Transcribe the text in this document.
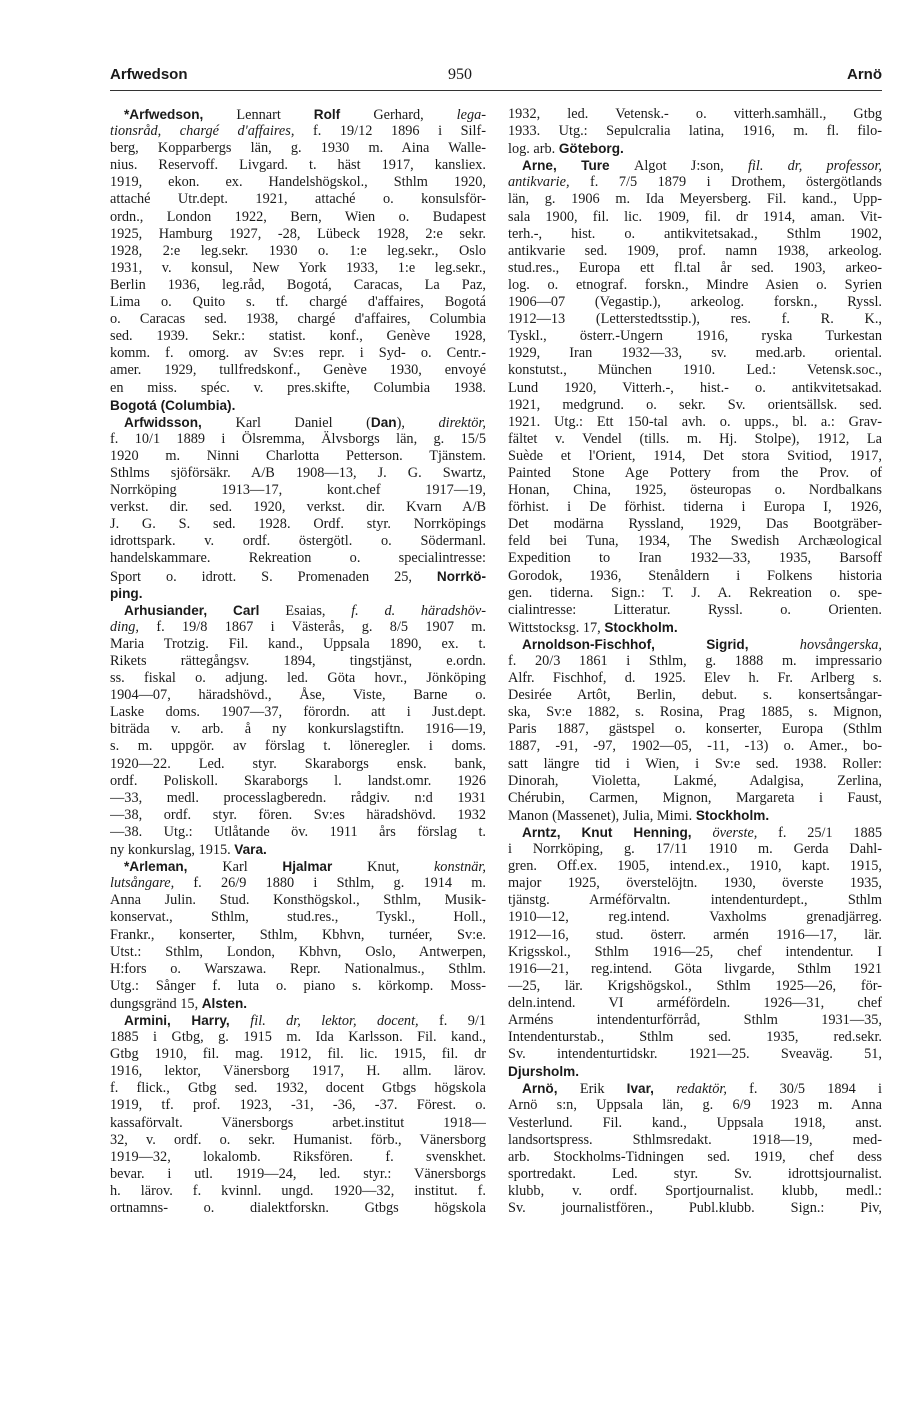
Arfwedson	950	Arnö
*Arfwedson, Lennart Rolf Gerhard, lega-
tionsråd, chargé d'affaires, f. 19/12 1896 i Silf-
berg, Kopparbergs län, g. 1930 m. Aina Walle-
nius. Reservoff. Livgard. t. häst 1917, kansliex.
1919, ekon. ex. Handelshögskol., Sthlm 1920,
attaché Utr.dept. 1921, attaché o. konsulsför-
ordn., London 1922, Bern, Wien o. Budapest
1925, Hamburg 1927, -28, Lübeck 1928, 2:e sekr.
1928, 2:e leg.sekr. 1930 o. 1:e leg.sekr., Oslo
1931, v. konsul, New York 1933, 1:e leg.sekr.,
Berlin 1936, leg.råd, Bogotá, Caracas, La Paz,
Lima o. Quito s. tf. chargé d'affaires, Bogotá
o. Caracas sed. 1938, chargé d'affaires, Columbia
sed. 1939. Sekr.: statist. konf., Genève 1928,
komm. f. omorg. av Sv:es repr. i Syd- o. Centr.-
amer. 1929, tullfredskonf., Genève 1930, envoyé
en miss. spéc. v. pres.skifte, Columbia 1938.
Bogotá (Columbia).
Arfwidsson, Karl Daniel (Dan), direktör,
f. 10/1 1889 i Ölsremma, Älvsborgs län, g. 15/5
1920 m. Ninni Charlotta Petterson. Tjänstem.
Sthlms sjöförsäkr. A/B 1908—13, J. G. Swartz,
Norrköping 1913—17, kont.chef 1917—19,
verkst. dir. sed. 1920, verkst. dir. Kvarn A/B
J. G. S. sed. 1928. Ordf. styr. Norrköpings
idrottspark. v. ordf. östergötl. o. Södermanl.
handelskammare. Rekreation o. specialintresse:
Sport o. idrott. S. Promenaden 25, Norrkö-
ping.
Arhusiander, Carl Esaias, f. d. häradshöv-
ding, f. 19/8 1867 i Västerås, g. 8/5 1907 m.
Maria Trotzig. Fil. kand., Uppsala 1890, ex. t.
Rikets rättegångsv. 1894, tingstjänst, e.ordn.
ss. fiskal o. adjung. led. Göta hovr., Jönköping
1904—07, häradshövd., Åse, Viste, Barne o.
Laske doms. 1907—37, förordn. att i Just.dept.
biträda v. arb. å ny konkurslagstiftn. 1916—19,
s. m. uppgör. av förslag t. löneregler. i doms.
1920—22. Led. styr. Skaraborgs ensk. bank,
ordf. Poliskoll. Skaraborgs l. landst.omr. 1926
—33, medl. processlagberedn. rådgiv. n:d 1931
—38, ordf. styr. fören. Sv:es häradshövd. 1932
—38. Utg.: Utlåtande öv. 1911 års förslag t.
ny konkurslag, 1915. Vara.
*Arleman, Karl Hjalmar Knut, konstnär,
lutsångare, f. 26/9 1880 i Sthlm, g. 1914 m.
Anna Julin. Stud. Konsthögskol., Sthlm, Musik-
konservat., Sthlm, stud.res., Tyskl., Holl.,
Frankr., konserter, Sthlm, Kbhvn, turnéer, Sv:e.
Utst.: Sthlm, London, Kbhvn, Oslo, Antwerpen,
H:fors o. Warszawa. Repr. Nationalmus., Sthlm.
Utg.: Sånger f. luta o. piano s. körkomp. Moss-
dungsgränd 15, Alsten.
Armini, Harry, fil. dr, lektor, docent, f. 9/1
1885 i Gtbg, g. 1915 m. Ida Karlsson. Fil. kand.,
Gtbg 1910, fil. mag. 1912, fil. lic. 1915, fil. dr
1916, lektor, Vänersborg 1917, H. allm. lärov.
f. flick., Gtbg sed. 1932, docent Gtbgs högskola
1919, tf. prof. 1923, -31, -36, -37. Förest. o.
kassaförvalt. Vänersborgs arbet.institut 1918—
32, v. ordf. o. sekr. Humanist. förb., Vänersborg
1919—32, lokalomb. Riksfören. f. svenskhet.
bevar. i utl. 1919—24, led. styr.: Vänersborgs
h. lärov. f. kvinnl. ungd. 1920—32, institut. f.
ortnamns- o. dialektforskn. Gtbgs högskola
1932, led. Vetensk.- o. vitterh.samhäll., Gtbg
1933. Utg.: Sepulcralia latina, 1916, m. fl. filo-
log. arb. Göteborg.
Arne, Ture Algot J:son, fil. dr, professor,
antikvarie, f. 7/5 1879 i Drothem, östergötlands
län, g. 1906 m. Ida Meyersberg. Fil. kand., Upp-
sala 1900, fil. lic. 1909, fil. dr 1914, aman. Vit-
terh.-, hist. o. antikvitetsakad., Sthlm 1902,
antikvarie sed. 1909, prof. namn 1938, arkeolog.
stud.res., Europa ett fl.tal år sed. 1903, arkeo-
log. o. etnograf. forskn., Mindre Asien o. Syrien
1906—07 (Vegastip.), arkeolog. forskn., Ryssl.
1912—13 (Letterstedtsstip.), res. f. R. K.,
Tyskl., österr.-Ungern 1916, ryska Turkestan
1929, Iran 1932—33, sv. med.arb. oriental.
konstutst., München 1910. Led.: Vetensk.soc.,
Lund 1920, Vitterh.-, hist.- o. antikvitetsakad.
1921, medgrund. o. sekr. Sv. orientsällsk. sed.
1921. Utg.: Ett 150-tal avh. o. upps., bl. a.: Grav-
fältet v. Vendel (tills. m. Hj. Stolpe), 1912, La
Suède et l'Orient, 1914, Det stora Svitiod, 1917,
Painted Stone Age Pottery from the Prov. of
Honan, China, 1925, östeuropas o. Nordbalkans
förhist. i De förhist. tiderna i Europa I, 1926,
Det modärna Ryssland, 1929, Das Bootgräber-
feld bei Tuna, 1934, The Swedish Archæological
Expedition to Iran 1932—33, 1935, Barsoff
Gorodok, 1936, Stenåldern i Folkens historia
gen. tiderna. Sign.: T. J. A. Rekreation o. spe-
cialintresse: Litteratur. Ryssl. o. Orienten.
Wittstocksg. 17, Stockholm.
Arnoldson-Fischhof, Sigrid, hovsångerska,
f. 20/3 1861 i Sthlm, g. 1888 m. impressario
Alfr. Fischhof, d. 1925. Elev h. Fr. Arlberg s.
Desirée Artôt, Berlin, debut. s. konsertsångar-
ska, Sv:e 1882, s. Rosina, Prag 1885, s. Mignon,
Paris 1887, gästspel o. konserter, Europa (Sthlm
1887, -91, -97, 1902—05, -11, -13) o. Amer., bo-
satt längre tid i Wien, i Sv:e sed. 1938. Roller:
Dinorah, Violetta, Lakmé, Adalgisa, Zerlina,
Chérubin, Carmen, Mignon, Margareta i Faust,
Manon (Massenet), Julia, Mimi. Stockholm.
Arntz, Knut Henning, överste, f. 25/1 1885
i Norrköping, g. 17/11 1910 m. Gerda Dahl-
gren. Off.ex. 1905, intend.ex., 1910, kapt. 1915,
major 1925, överstelöjtn. 1930, överste 1935,
tjänstg. Arméförvaltn. intendenturdept., Sthlm
1910—12, reg.intend. Vaxholms grenadjärreg.
1912—16, stud. österr. armén 1916—17, lär.
Krigsskol., Sthlm 1916—25, chef intendentur. I
1916—21, reg.intend. Göta livgarde, Sthlm 1921
—25, lär. Krigshögskol., Sthlm 1925—26, för-
deln.intend. VI arméfördeln. 1926—31, chef
Arméns intendenturförråd, Sthlm 1931—35,
Intendenturstab., Sthlm sed. 1935, red.sekr.
Sv. intendenturtidskr. 1921—25. Sveaväg. 51,
Djursholm.
Arnö, Erik Ivar, redaktör, f. 30/5 1894 i
Arnö s:n, Uppsala län, g. 6/9 1923 m. Anna
Vesterlund. Fil. kand., Uppsala 1918, anst.
landsortspress. Sthlmsredakt. 1918—19, med-
arb. Stockholms-Tidningen sed. 1919, chef dess
sportredakt. Led. styr. Sv. idrottsjournalist.
klubb, v. ordf. Sportjournalist. klubb, medl.:
Sv. journalistfören., Publ.klubb. Sign.: Piv,
